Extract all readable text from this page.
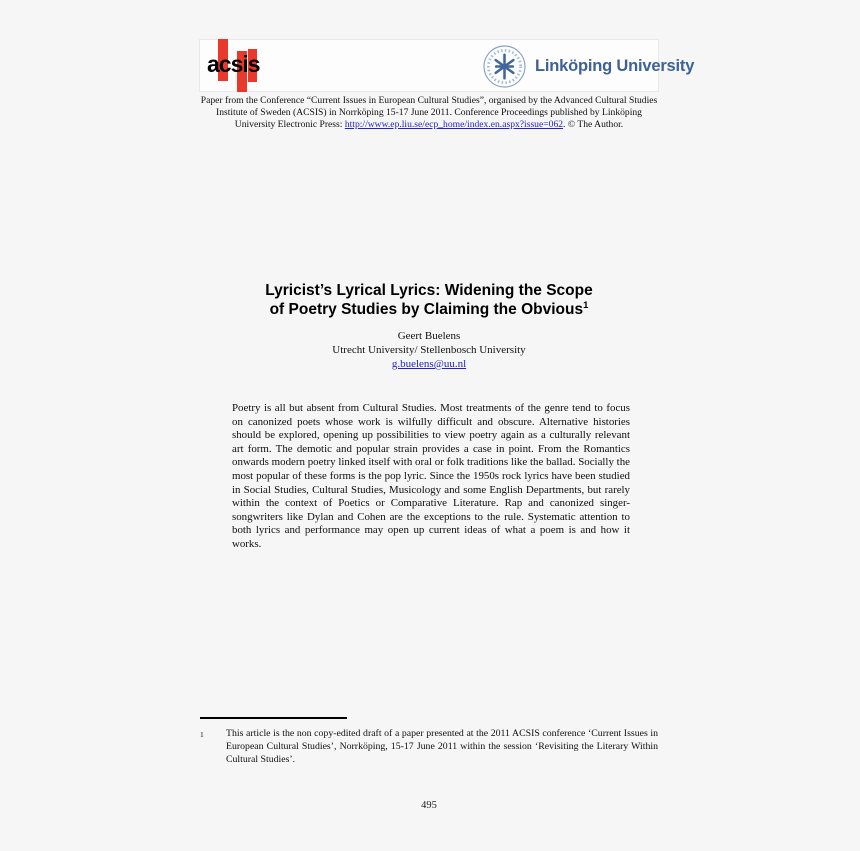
acsis	Linköping University

Paper from the Conference “Current Issues in European Cultural Studies”, organised by the Advanced Cultural Studies Institute of Sweden (ACSIS) in Norrköping 15-17 June 2011. Conference Proceedings published by Linköping University Electronic Press: http://www.ep.liu.se/ecp_home/index.en.aspx?issue=062. © The Author.

Lyricist’s Lyrical Lyrics: Widening the Scope
of Poetry Studies by Claiming the Obvious$^1$
Geert Buelens
Utrecht University/ Stellenbosch University
g.buelens@uu.nl

Poetry is all but absent from Cultural Studies. Most treatments of the genre tend to focus on canonized poets whose work is wilfully difficult and obscure. Alternative histories should be explored, opening up possibilities to view poetry again as a culturally relevant art form. The demotic and popular strain provides a case in point. From the Romantics onwards modern poetry linked itself with oral or folk traditions like the ballad. Socially the most popular of these forms is the pop lyric. Since the 1950s rock lyrics have been studied in Social Studies, Cultural Studies, Musicology and some English Departments, but rarely within the context of Poetics or Comparative Literature. Rap and canonized singer-songwriters like Dylan and Cohen are the exceptions to the rule. Systematic attention to both lyrics and performance may open up current ideas of what a poem is and how it works.

1	This article is the non copy-edited draft of a paper presented at the 2011 ACSIS conference ‘Current Issues in European Cultural Studies’, Norrköping, 15-17 June 2011 within the session ‘Revisiting the Literary Within Cultural Studies’.
495
